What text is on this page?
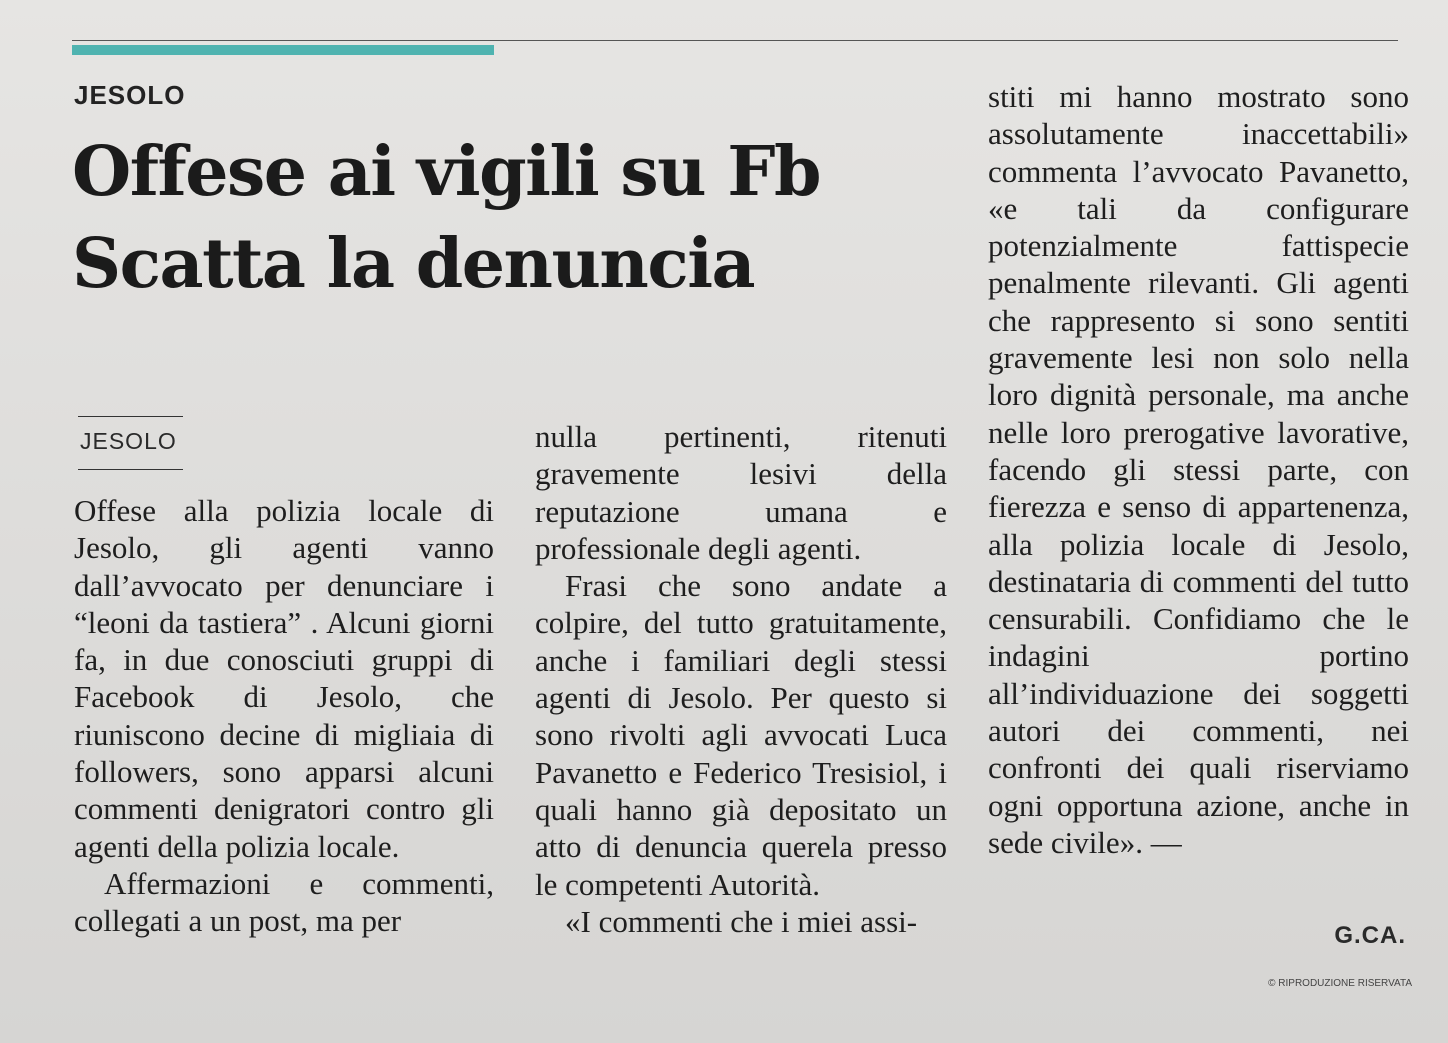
JESOLO
Offese ai vigili su Fb
Scatta la denuncia
JESOLO

Offese alla polizia locale di Jesolo, gli agenti vanno dall’avvocato per denunciare i “leoni da tastiera” . Alcuni giorni fa, in due conosciuti gruppi di Facebook di Jesolo, che riuniscono decine di migliaia di followers, sono apparsi alcuni commenti denigratori contro gli agenti della polizia locale.

Affermazioni e commenti, collegati a un post, ma per

nulla pertinenti, ritenuti gravemente lesivi della reputazione umana e professionale degli agenti.

Frasi che sono andate a colpire, del tutto gratuitamente, anche i familiari degli stessi agenti di Jesolo. Per questo si sono rivolti agli avvocati Luca Pavanetto e Federico Tresisiol, i quali hanno già depositato un atto di denuncia querela presso le competenti Autorità.

«I commenti che i miei assi-

stiti mi hanno mostrato sono assolutamente inaccettabili» commenta l’avvocato Pavanetto, «e tali da configurare potenzialmente fattispecie penalmente rilevanti. Gli agenti che rappresento si sono sentiti gravemente lesi non solo nella loro dignità personale, ma anche nelle loro prerogative lavorative, facendo gli stessi parte, con fierezza e senso di appartenenza, alla polizia locale di Jesolo, destinataria di commenti del tutto censurabili. Confidiamo che le indagini portino all’individuazione dei soggetti autori dei commenti, nei confronti dei quali riserviamo ogni opportuna azione, anche in sede civile». —

G.CA.
© RIPRODUZIONE RISERVATA
